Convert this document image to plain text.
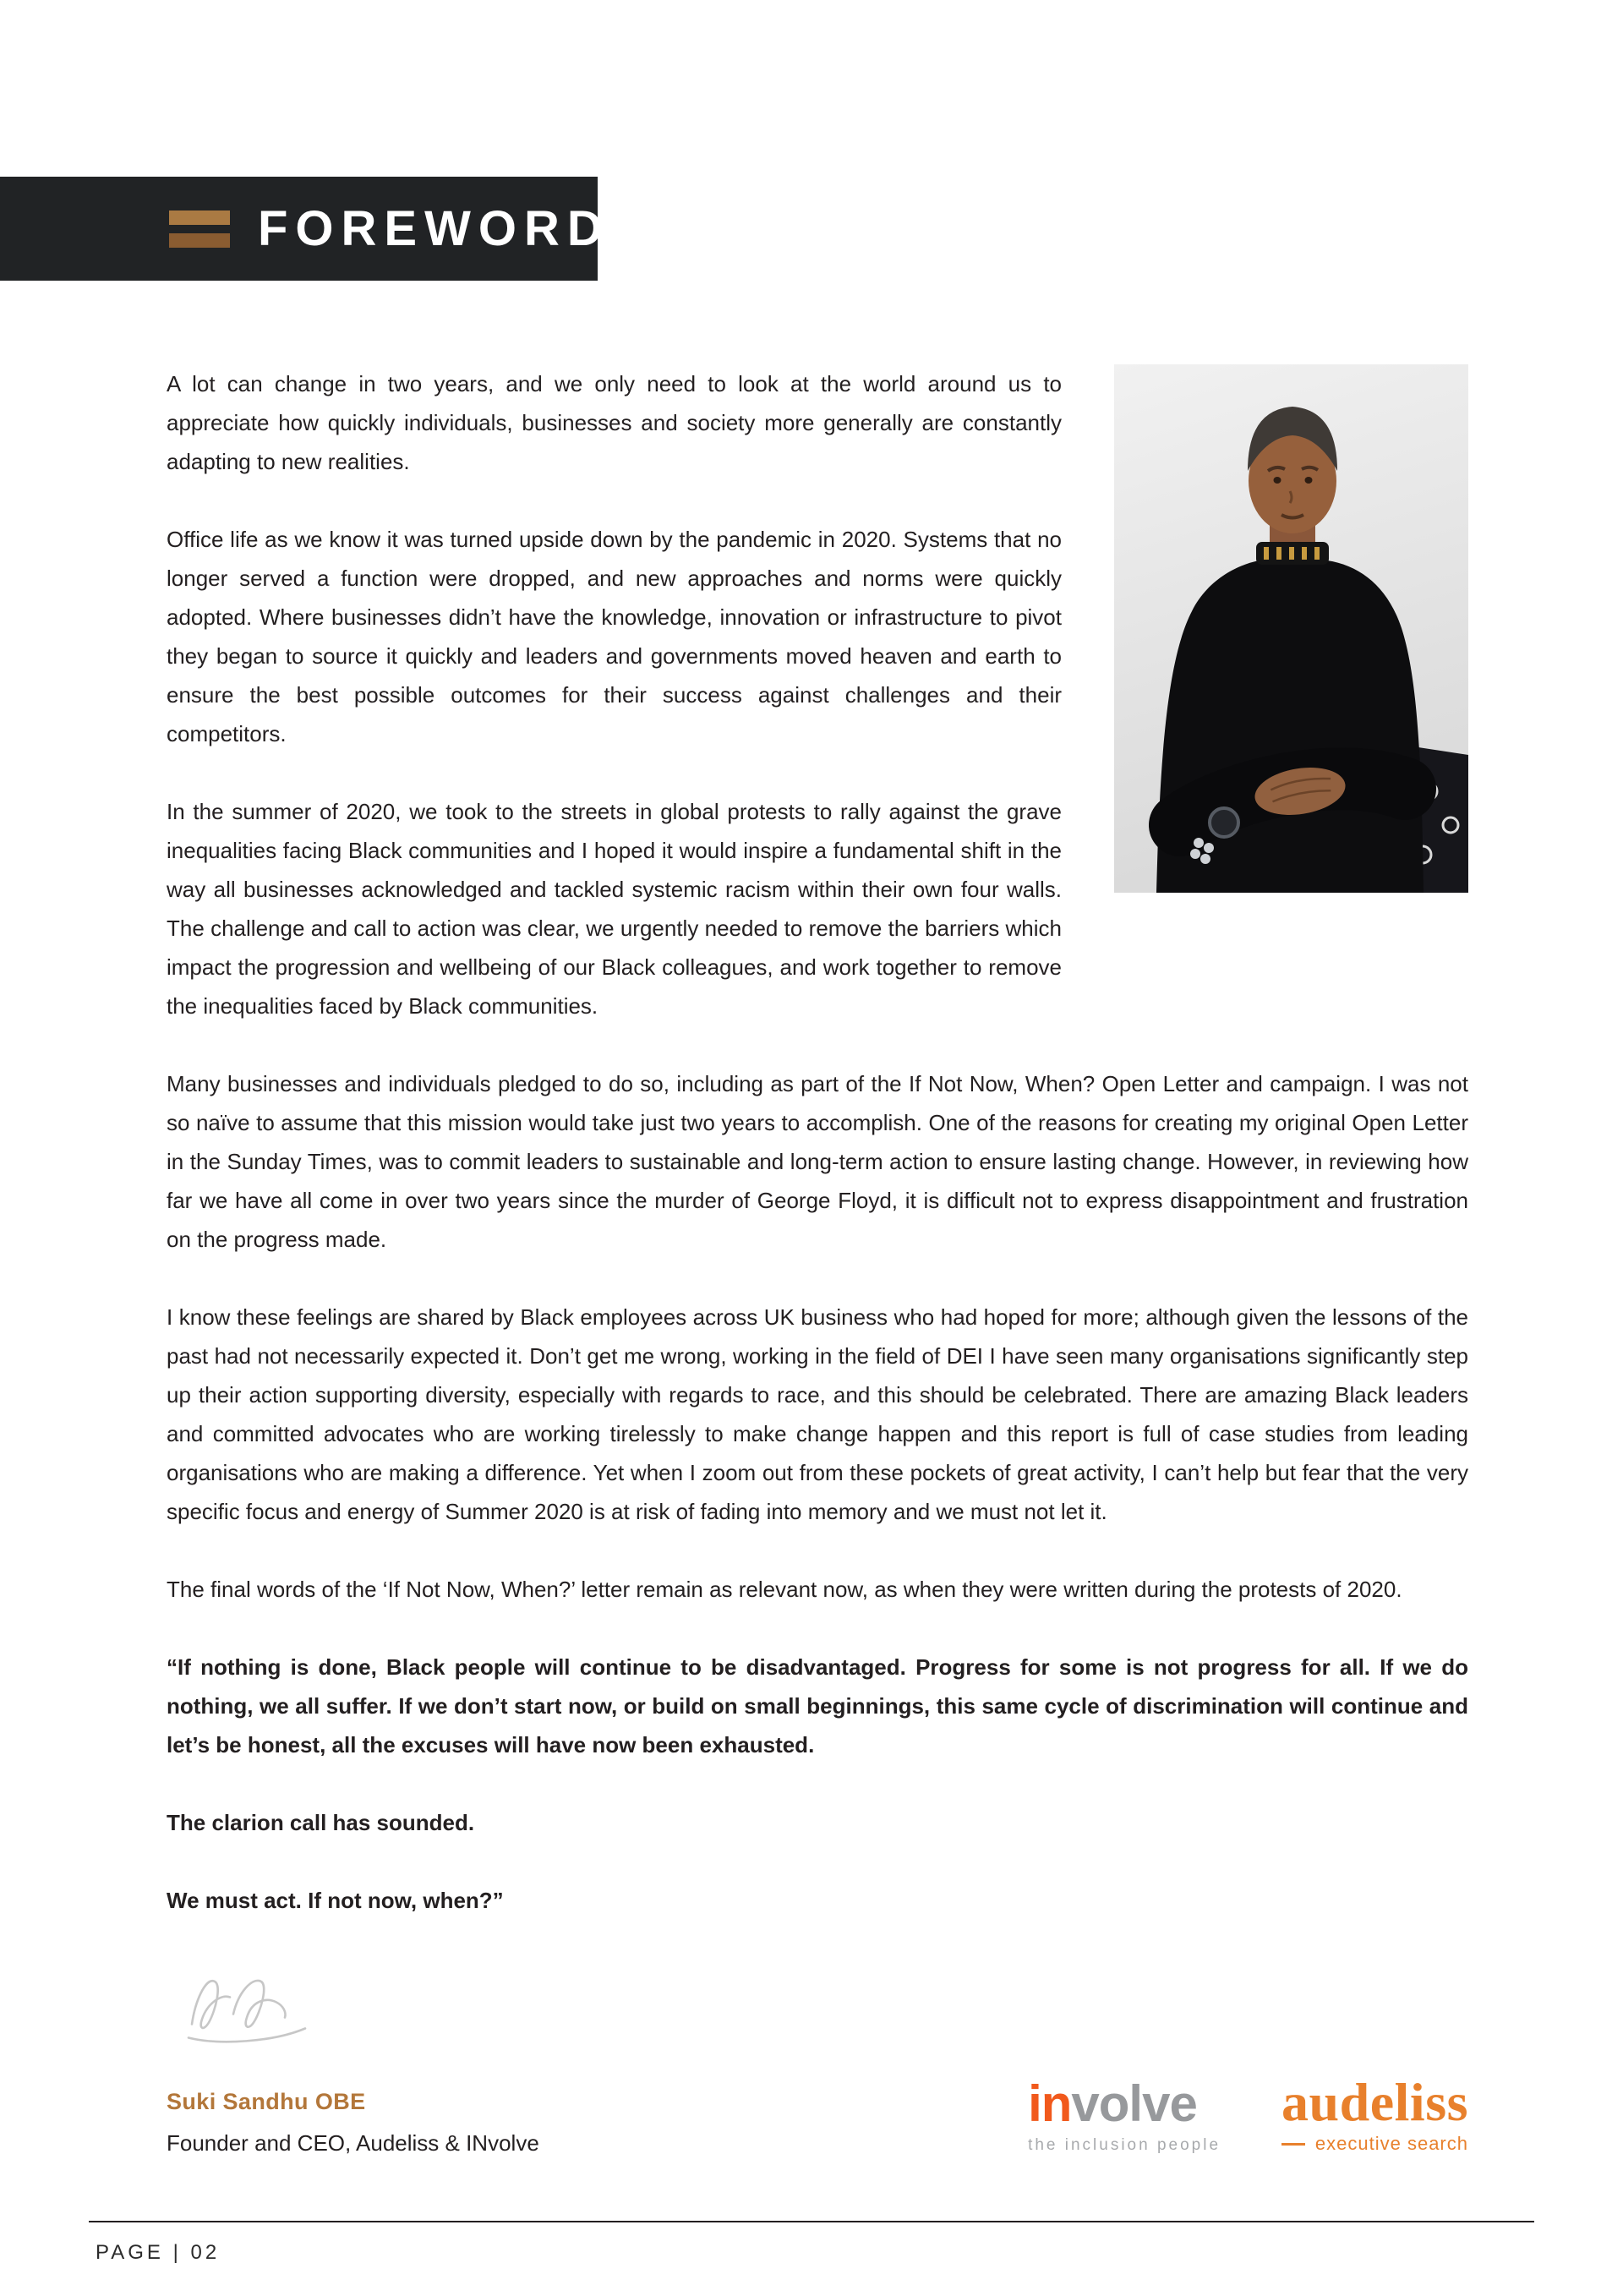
FOREWORD

A lot can change in two years, and we only need to look at the world around us to appreciate how quickly individuals, businesses and society more generally are constantly adapting to new realities.

Office life as we know it was turned upside down by the pandemic in 2020. Systems that no longer served a function were dropped, and new approaches and norms were quickly adopted. Where businesses didn’t have the knowledge, innovation or infrastructure to pivot they began to source it quickly and leaders and governments moved heaven and earth to ensure the best possible outcomes for their success against challenges and their competitors.

In the summer of 2020, we took to the streets in global protests to rally against the grave inequalities facing Black communities and I hoped it would inspire a fundamental shift in the way all businesses acknowledged and tackled systemic racism within their own four walls. The challenge and call to action was clear, we urgently needed to remove the barriers which impact the progression and wellbeing of our Black colleagues, and work together to remove the inequalities faced by Black communities.

Many businesses and individuals pledged to do so, including as part of the If Not Now, When? Open Letter and campaign. I was not so naïve to assume that this mission would take just two years to accomplish. One of the reasons for creating my original Open Letter in the Sunday Times, was to commit leaders to sustainable and long-term action to ensure lasting change. However, in reviewing how far we have all come in over two years since the murder of George Floyd, it is difficult not to express disappointment and frustration on the progress made.

I know these feelings are shared by Black employees across UK business who had hoped for more; although given the lessons of the past had not necessarily expected it. Don’t get me wrong, working in the field of DEI I have seen many organisations significantly step up their action supporting diversity, especially with regards to race, and this should be celebrated. There are amazing Black leaders and committed advocates who are working tirelessly to make change happen and this report is full of case studies from leading organisations who are making a difference. Yet when I zoom out from these pockets of great activity, I can’t help but fear that the very specific focus and energy of Summer 2020 is at risk of fading into memory and we must not let it.

The final words of the ‘If Not Now, When?’ letter remain as relevant now, as when they were written during the protests of 2020.

“If nothing is done, Black people will continue to be disadvantaged. Progress for some is not progress for all. If we do nothing, we all suffer. If we don’t start now, or build on small beginnings, this same cycle of discrimination will continue and let’s be honest, all the excuses will have now been exhausted.

The clarion call has sounded.

We must act. If not now, when?”

Suki Sandhu OBE
Founder and CEO, Audeliss & INvolve
involve
the inclusion people
audeliss
executive search
PAGE | 02
